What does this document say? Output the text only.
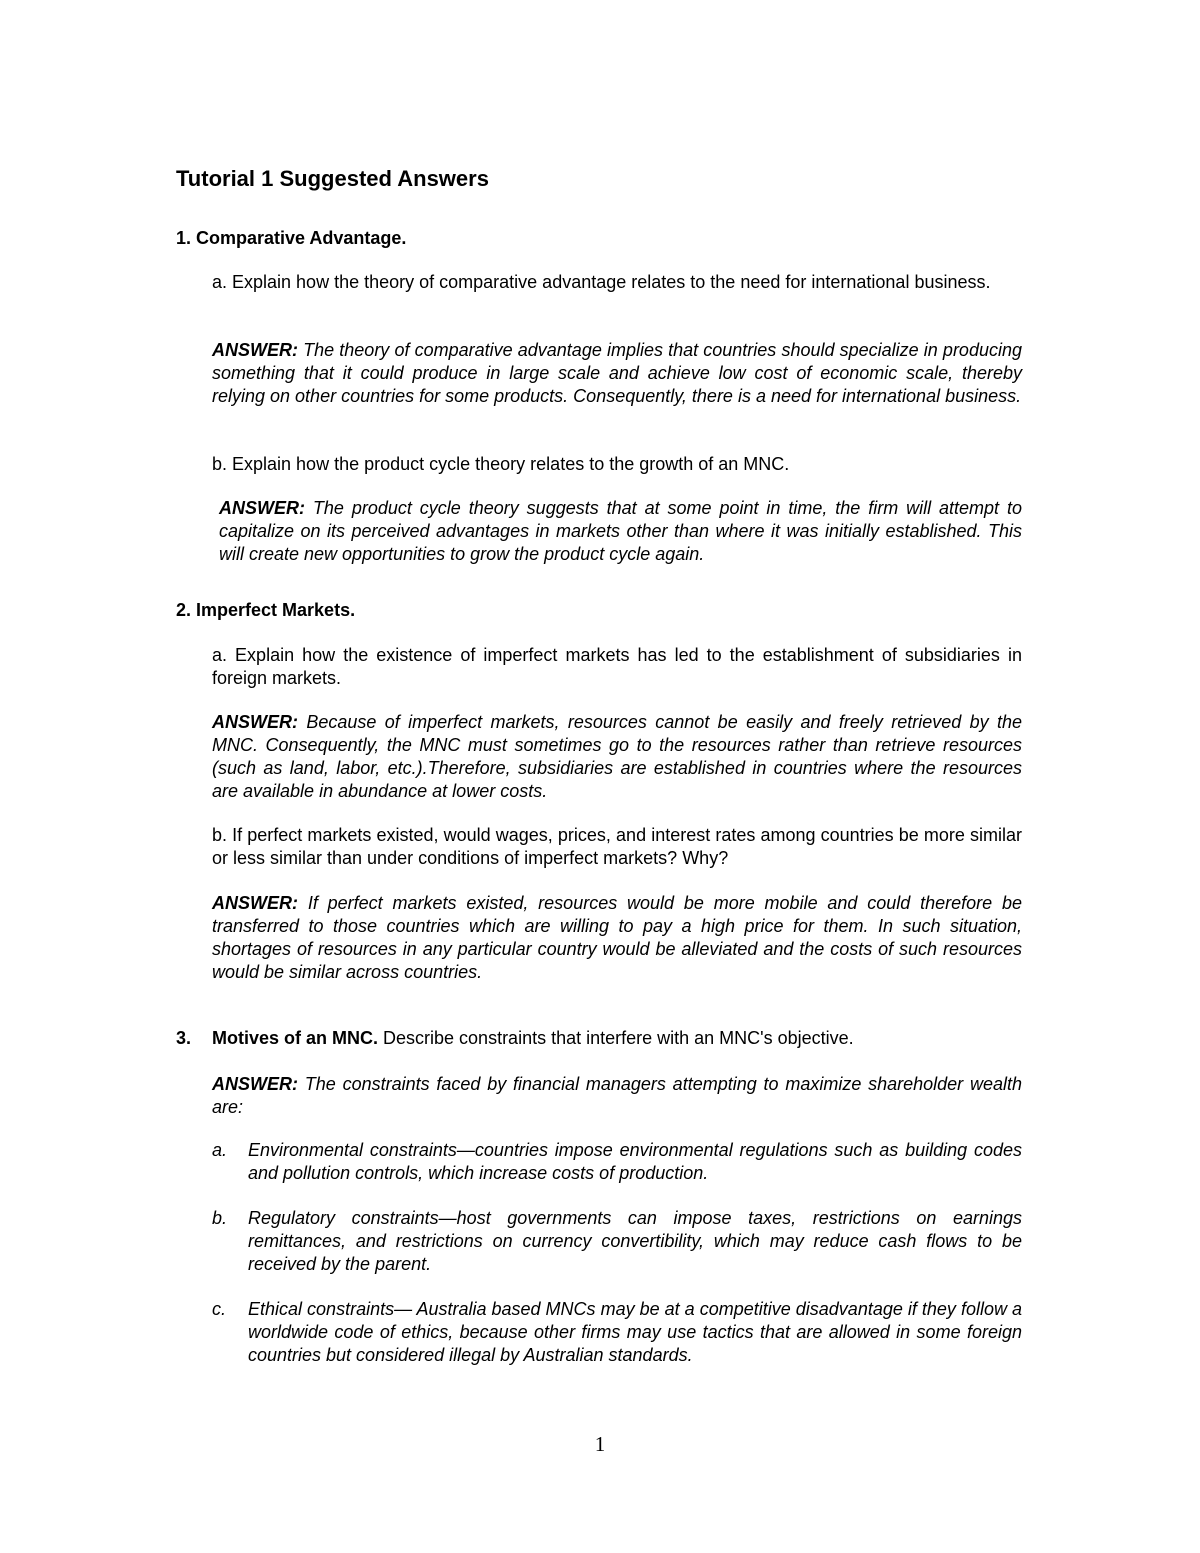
Tutorial 1 Suggested Answers

1. Comparative Advantage.

a. Explain how the theory of comparative advantage relates to the need for international business.

ANSWER: The theory of comparative advantage implies that countries should specialize in producing something that it could produce in large scale and achieve low cost of economic scale, thereby relying on other countries for some products. Consequently, there is a need for international business.

b. Explain how the product cycle theory relates to the growth of an MNC.

ANSWER: The product cycle theory suggests that at some point in time, the firm will attempt to capitalize on its perceived advantages in markets other than where it was initially established. This will create new opportunities to grow the product cycle again.

2. Imperfect Markets.

a. Explain how the existence of imperfect markets has led to the establishment of subsidiaries in foreign markets.

ANSWER: Because of imperfect markets, resources cannot be easily and freely retrieved by the MNC. Consequently, the MNC must sometimes go to the resources rather than retrieve resources (such as land, labor, etc.).Therefore, subsidiaries are established in countries where the resources are available in abundance at lower costs.

b. If perfect markets existed, would wages, prices, and interest rates among countries be more similar or less similar than under conditions of imperfect markets? Why?

ANSWER: If perfect markets existed, resources would be more mobile and could therefore be transferred to those countries which are willing to pay a high price for them. In such situation, shortages of resources in any particular country would be alleviated and the costs of such resources would be similar across countries.

3. Motives of an MNC. Describe constraints that interfere with an MNC's objective.

ANSWER: The constraints faced by financial managers attempting to maximize shareholder wealth are:

a. Environmental constraints—countries impose environmental regulations such as building codes and pollution controls, which increase costs of production.
b. Regulatory constraints—host governments can impose taxes, restrictions on earnings remittances, and restrictions on currency convertibility, which may reduce cash flows to be received by the parent.
c. Ethical constraints— Australia based MNCs may be at a competitive disadvantage if they follow a worldwide code of ethics, because other firms may use tactics that are allowed in some foreign countries but considered illegal by Australian standards.
1
